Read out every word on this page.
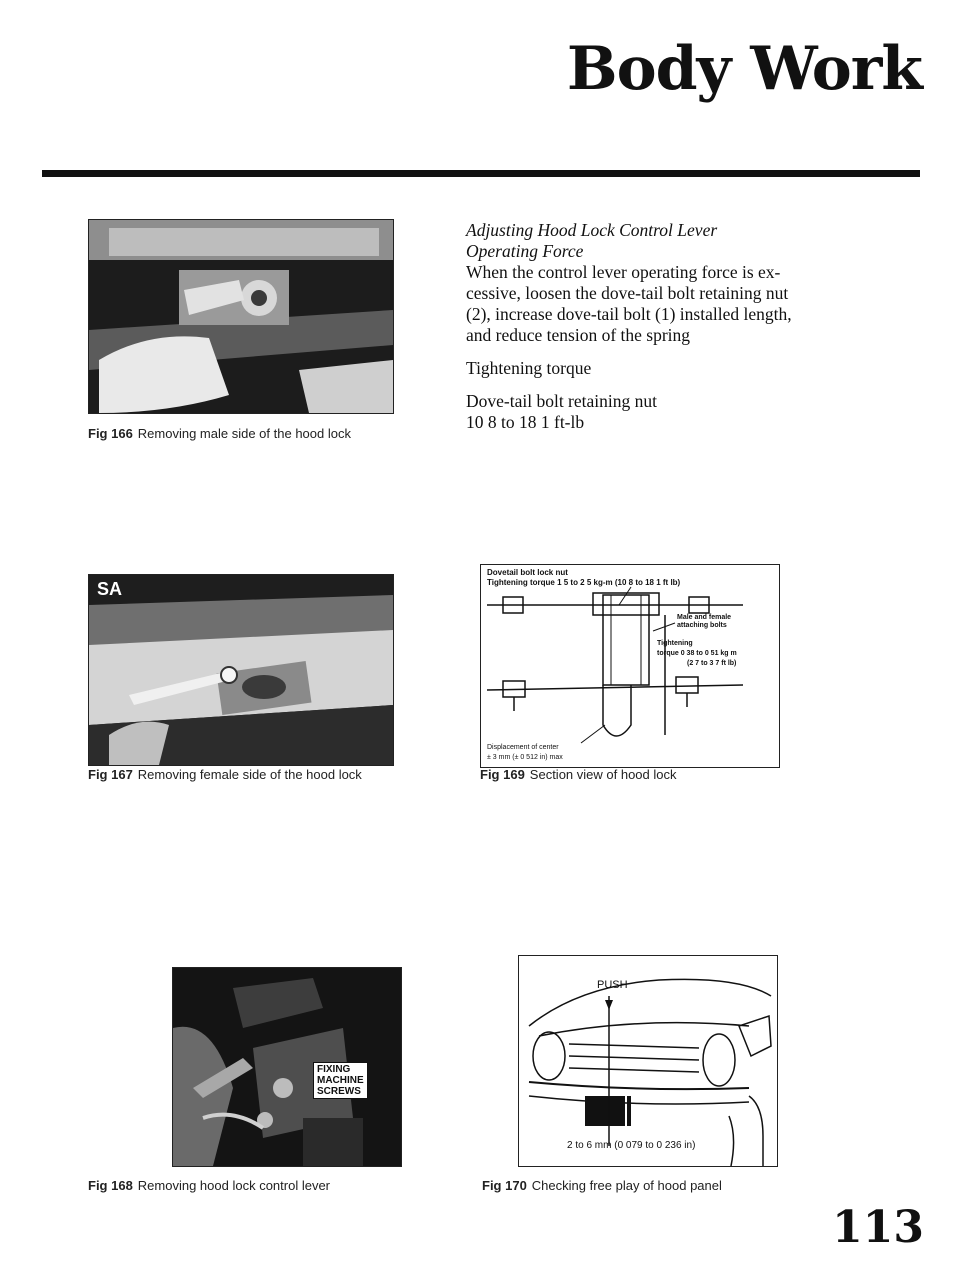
Body Work
Fig 166 Removing male side of the hood lock

Adjusting Hood Lock Control Lever

Operating Force

When the control lever operating force is ex-

cessive, loosen the dove-tail bolt retaining nut

(2), increase dove-tail bolt (1) installed length,

and reduce tension of the spring

Tightening torque

Dove-tail bolt retaining nut

10 8 to 18 1 ft-lb

SA
Fig 167 Removing female side of the hood lock
Dovetail bolt lock nut
Tightening torque 1 5 to 2 5 kg-m (10 8 to 18 1 ft lb)
Male and female
attaching bolts
Tightening
torque 0 38 to 0 51 kg m
(2 7 to 3 7 ft lb)
Displacement of center
± 3 mm (± 0 512 in) max
Fig 169 Section view of hood lock
FIXING
MACHINE
SCREWS
Fig 168 Removing hood lock control lever
PUSH
2 to 6 mm (0 079 to 0 236 in)
Fig 170 Checking free play of hood panel
113
